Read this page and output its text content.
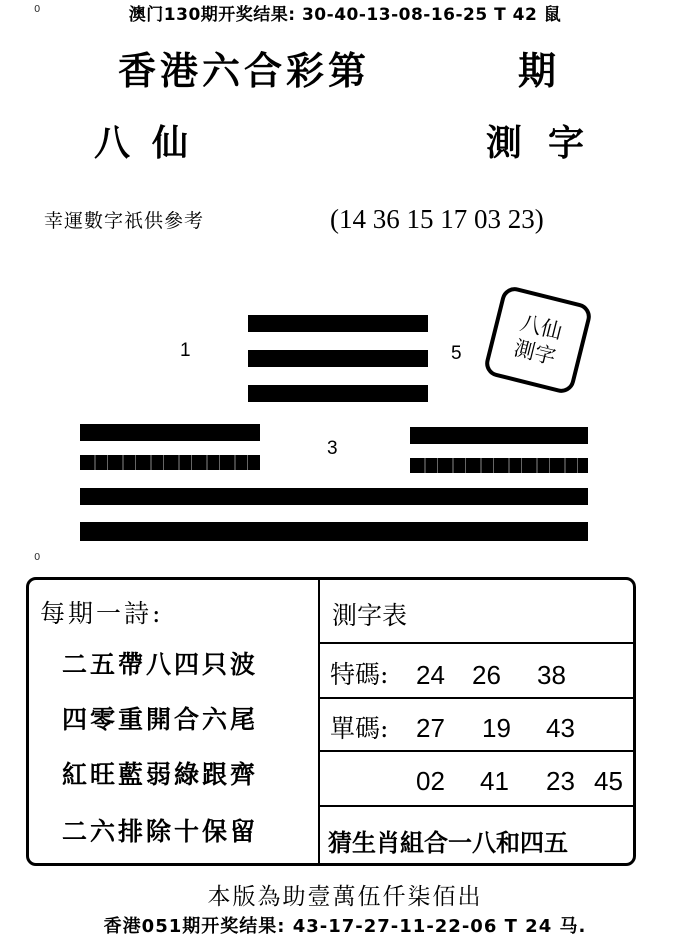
0	澳门130期开奖结果: 30-40-13-08-16-25 T 42 鼠
香港六合彩第	期
八仙	測字
幸運數字祇供參考	(14 36 15 17 03 23)
1
3
5
八仙
測字
0
每期一詩:
二五帶八四只波
四零重開合六尾
紅旺藍弱綠跟齊
二六排除十保留
測字表
特碼: 24 26 38
單碼: 27 19 43
02 41 23 45
猜生肖組合一八和四五
本版為助壹萬伍仟柒佰出
香港051期开奖结果: 43-17-27-11-22-06 T 24 马.
